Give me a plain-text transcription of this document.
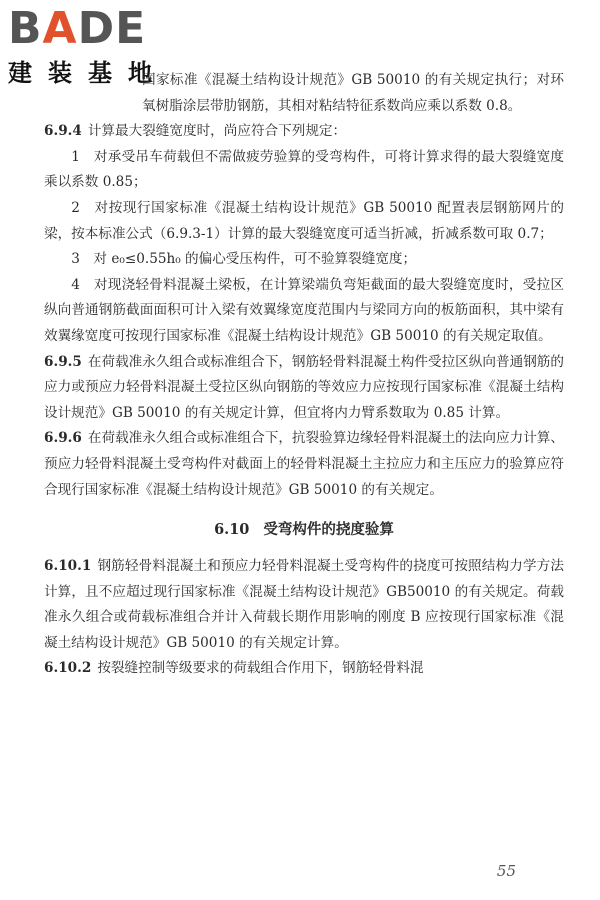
BADE
建装基地

国家标准《混凝土结构设计规范》GB 50010 的有关规定执行；对环氧树脂涂层带肋钢筋，其相对粘结特征系数尚应乘以系数 0.8。

6.9.4 计算最大裂缝宽度时，尚应符合下列规定：

1　对承受吊车荷载但不需做疲劳验算的受弯构件，可将计算求得的最大裂缝宽度乘以系数 0.85；

2　对按现行国家标准《混凝土结构设计规范》GB 50010 配置表层钢筋网片的梁，按本标准公式（6.9.3-1）计算的最大裂缝宽度可适当折减，折减系数可取 0.7；

3　对 e₀≤0.55h₀ 的偏心受压构件，可不验算裂缝宽度；

4　对现浇轻骨料混凝土梁板，在计算梁端负弯矩截面的最大裂缝宽度时，受拉区纵向普通钢筋截面面积可计入梁有效翼缘宽度范围内与梁同方向的板筋面积，其中梁有效翼缘宽度可按现行国家标准《混凝土结构设计规范》GB 50010 的有关规定取值。

6.9.5 在荷载准永久组合或标准组合下，钢筋轻骨料混凝土构件受拉区纵向普通钢筋的应力或预应力轻骨料混凝土受拉区纵向钢筋的等效应力应按现行国家标准《混凝土结构设计规范》GB 50010 的有关规定计算，但宜将内力臂系数取为 0.85 计算。

6.9.6 在荷载准永久组合或标准组合下，抗裂验算边缘轻骨料混凝土的法向应力计算、预应力轻骨料混凝土受弯构件对截面上的轻骨料混凝土主拉应力和主压应力的验算应符合现行国家标准《混凝土结构设计规范》GB 50010 的有关规定。

6.10 受弯构件的挠度验算

6.10.1 钢筋轻骨料混凝土和预应力轻骨料混凝土受弯构件的挠度可按照结构力学方法计算，且不应超过现行国家标准《混凝土结构设计规范》GB50010 的有关规定。荷载准永久组合或荷载标准组合并计入荷载长期作用影响的刚度 B 应按现行国家标准《混凝土结构设计规范》GB 50010 的有关规定计算。

6.10.2 按裂缝控制等级要求的荷载组合作用下，钢筋轻骨料混

55
